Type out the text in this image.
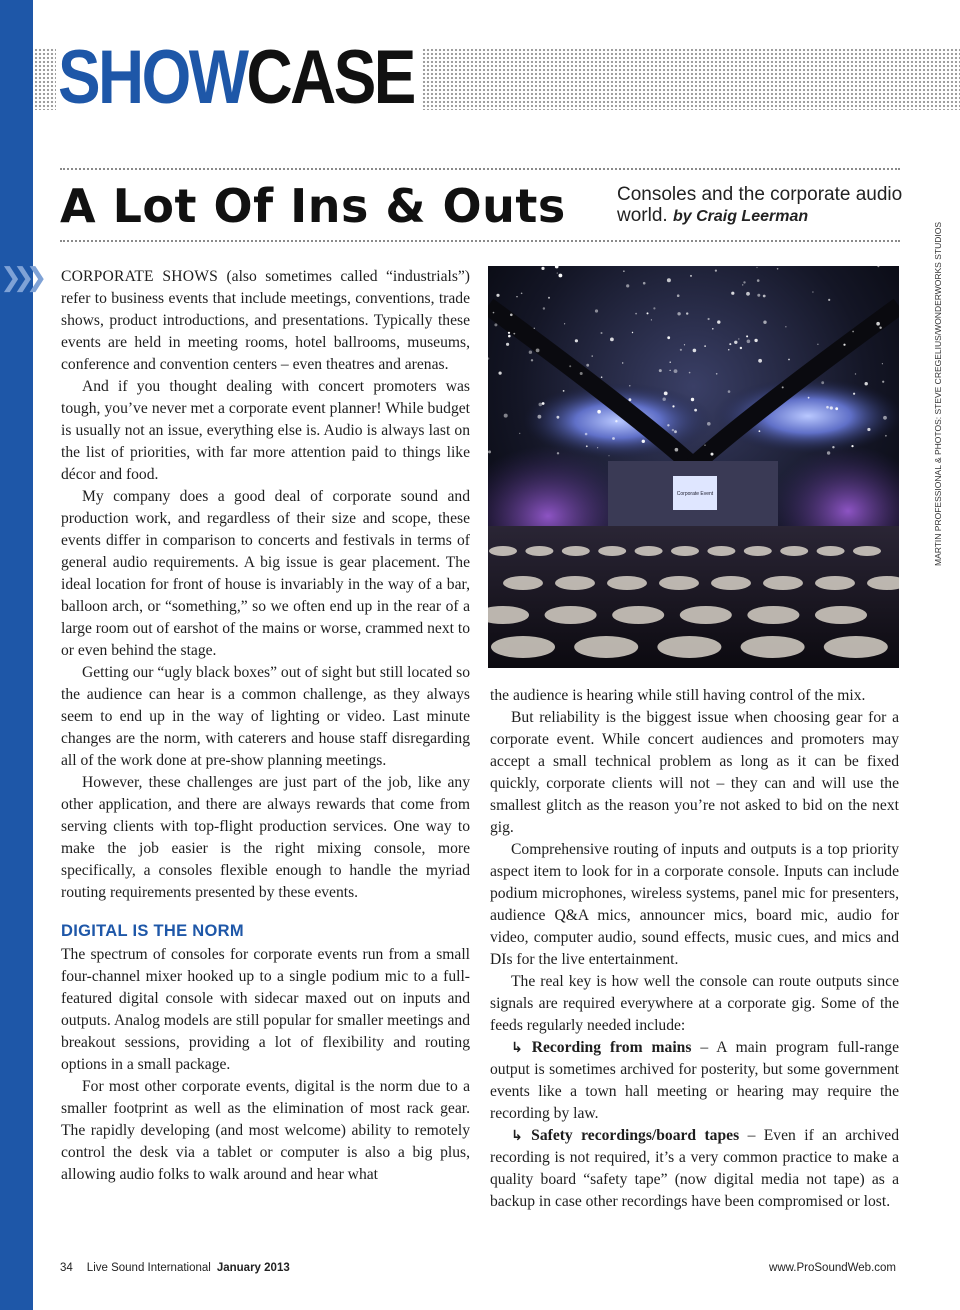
SHOWCASE
A Lot Of Ins & Outs	Consoles and the corporate audio world. by Craig Leerman
❯❯❯	CORPORATE SHOWS (also sometimes called “industrials”) refer to business events that include meetings, conventions, trade shows, product introductions, and presentations. Typically these events are held in meeting rooms, hotel ballrooms, museums, conference and convention centers – even theatres and arenas.

And if you thought dealing with concert promoters was tough, you’ve never met a corporate event planner! While budget is usually not an issue, everything else is. Audio is always last on the list of priorities, with far more attention paid to things like décor and food.

My company does a good deal of corporate sound and production work, and regardless of their size and scope, these events differ in comparison to concerts and festivals in terms of general audio requirements. A big issue is gear placement. The ideal location for front of house is invariably in the way of a bar, balloon arch, or “something,” so we often end up in the rear of a large room out of earshot of the mains or worse, crammed next to or even behind the stage.

Getting our “ugly black boxes” out of sight but still located so the audience can hear is a common challenge, as they always seem to end up in the way of lighting or video. Last minute changes are the norm, with caterers and house staff disregarding all of the work done at pre-show planning meetings.

However, these challenges are just part of the job, like any other application, and there are always rewards that come from serving clients with top-flight production services. One way to make the job easier is the right mixing console, more specifically, a consoles flexible enough to handle the myriad routing requirements presented by these events.

DIGITAL IS THE NORM

The spectrum of consoles for corporate events run from a small four-channel mixer hooked up to a single podium mic to a full-featured digital console with sidecar maxed out on inputs and outputs. Analog models are still popular for smaller meetings and breakout sessions, providing a lot of flexibility and routing options in a small package.

For most other corporate events, digital is the norm due to a smaller footprint as well as the elimination of most rack gear. The rapidly developing (and most welcome) ability to remotely control the desk via a tablet or computer is also a big plus, allowing audio folks to walk around and hear what

Corporate Event	MARTIN PROFESSIONAL & PHOTOS: STEVE CREGELIUS/WONDERWORKS STUDIOS

the audience is hearing while still having control of the mix.

But reliability is the biggest issue when choosing gear for a corporate event. While concert audiences and promoters may accept a small technical problem as long as it can be fixed quickly, corporate clients will not – they can and will use the smallest glitch as the reason you’re not asked to bid on the next gig.

Comprehensive routing of inputs and outputs is a top priority aspect item to look for in a corporate console. Inputs can include podium microphones, wireless systems, panel mic for presenters, audience Q&A mics, announcer mics, board mic, audio for video, computer audio, sound effects, music cues, and mics and DIs for the live entertainment.

The real key is how well the console can route outputs since signals are required everywhere at a corporate gig. Some of the feeds regularly needed include:

↳ Recording from mains – A main program full-range output is sometimes archived for posterity, but some government events like a town hall meeting or hearing may require the recording by law.

↳ Safety recordings/board tapes – Even if an archived recording is not required, it’s a very common practice to make a quality board “safety tape” (now digital media not tape) as a backup in case other recordings have been compromised or lost.

34 Live Sound International January 2013	www.ProSoundWeb.com
